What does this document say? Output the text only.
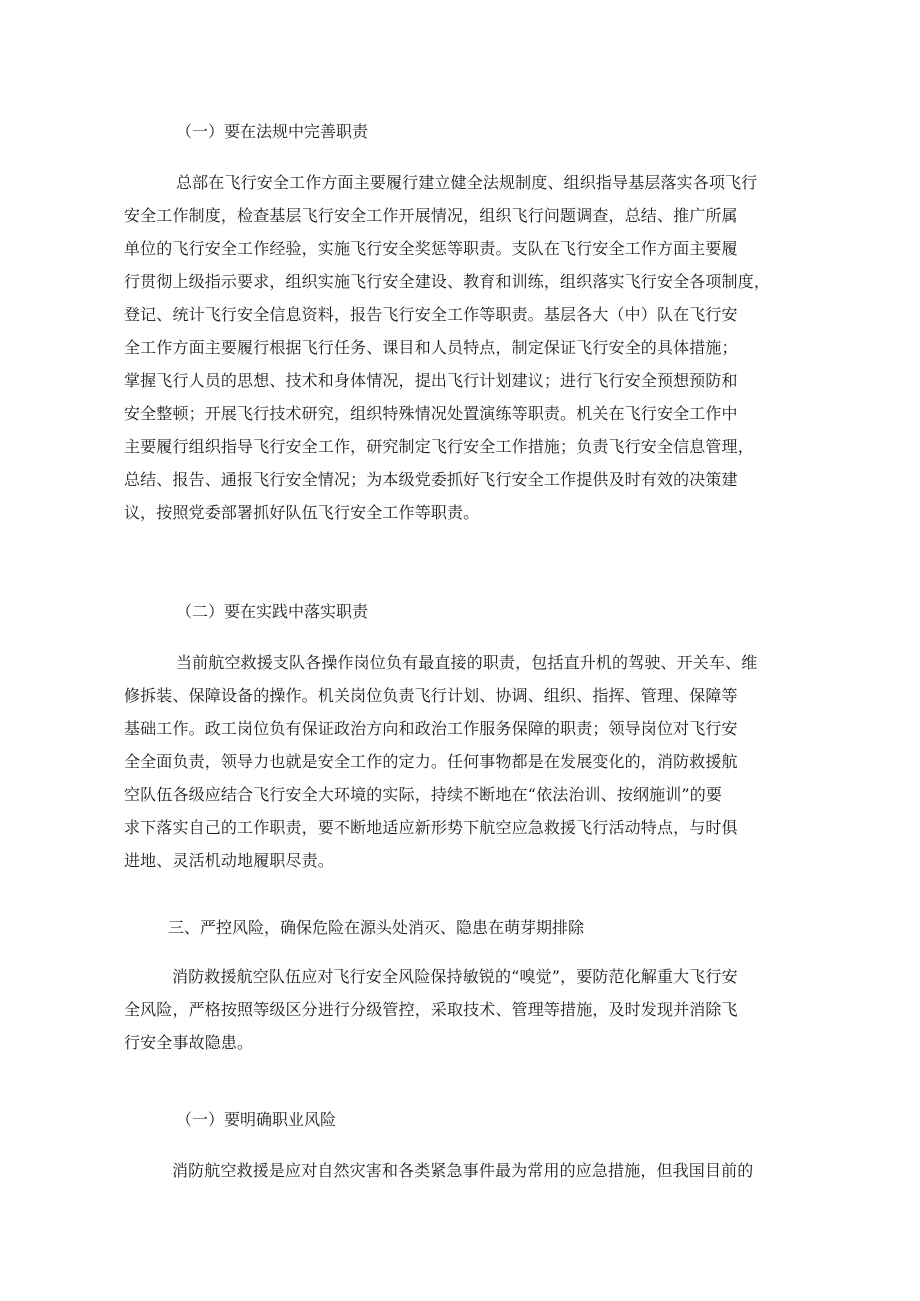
（一）要在法规中完善职责
总部在飞行安全工作方面主要履行建立健全法规制度、组织指导基层落实各项飞行
安全工作制度，检查基层飞行安全工作开展情况，组织飞行问题调查，总结、推广所属
单位的飞行安全工作经验，实施飞行安全奖惩等职责。支队在飞行安全工作方面主要履
行贯彻上级指示要求，组织实施飞行安全建设、教育和训练，组织落实飞行安全各项制度，
登记、统计飞行安全信息资料，报告飞行安全工作等职责。基层各大（中）队在飞行安
全工作方面主要履行根据飞行任务、课目和人员特点，制定保证飞行安全的具体措施；
掌握飞行人员的思想、技术和身体情况，提出飞行计划建议；进行飞行安全预想预防和
安全整顿；开展飞行技术研究，组织特殊情况处置演练等职责。机关在飞行安全工作中
主要履行组织指导飞行安全工作，研究制定飞行安全工作措施；负责飞行安全信息管理，
总结、报告、通报飞行安全情况；为本级党委抓好飞行安全工作提供及时有效的决策建
议，按照党委部署抓好队伍飞行安全工作等职责。
（二）要在实践中落实职责
当前航空救援支队各操作岗位负有最直接的职责，包括直升机的驾驶、开关车、维
修拆装、保障设备的操作。机关岗位负责飞行计划、协调、组织、指挥、管理、保障等
基础工作。政工岗位负有保证政治方向和政治工作服务保障的职责；领导岗位对飞行安
全全面负责，领导力也就是安全工作的定力。任何事物都是在发展变化的，消防救援航
空队伍各级应结合飞行安全大环境的实际，持续不断地在“依法治训、按纲施训”的要
求下落实自己的工作职责，要不断地适应新形势下航空应急救援飞行活动特点，与时俱
进地、灵活机动地履职尽责。
三、严控风险，确保危险在源头处消灭、隐患在萌芽期排除
消防救援航空队伍应对飞行安全风险保持敏锐的“嗅觉”，要防范化解重大飞行安
全风险，严格按照等级区分进行分级管控，采取技术、管理等措施，及时发现并消除飞
行安全事故隐患。
（一）要明确职业风险
消防航空救援是应对自然灾害和各类紧急事件最为常用的应急措施，但我国目前的
